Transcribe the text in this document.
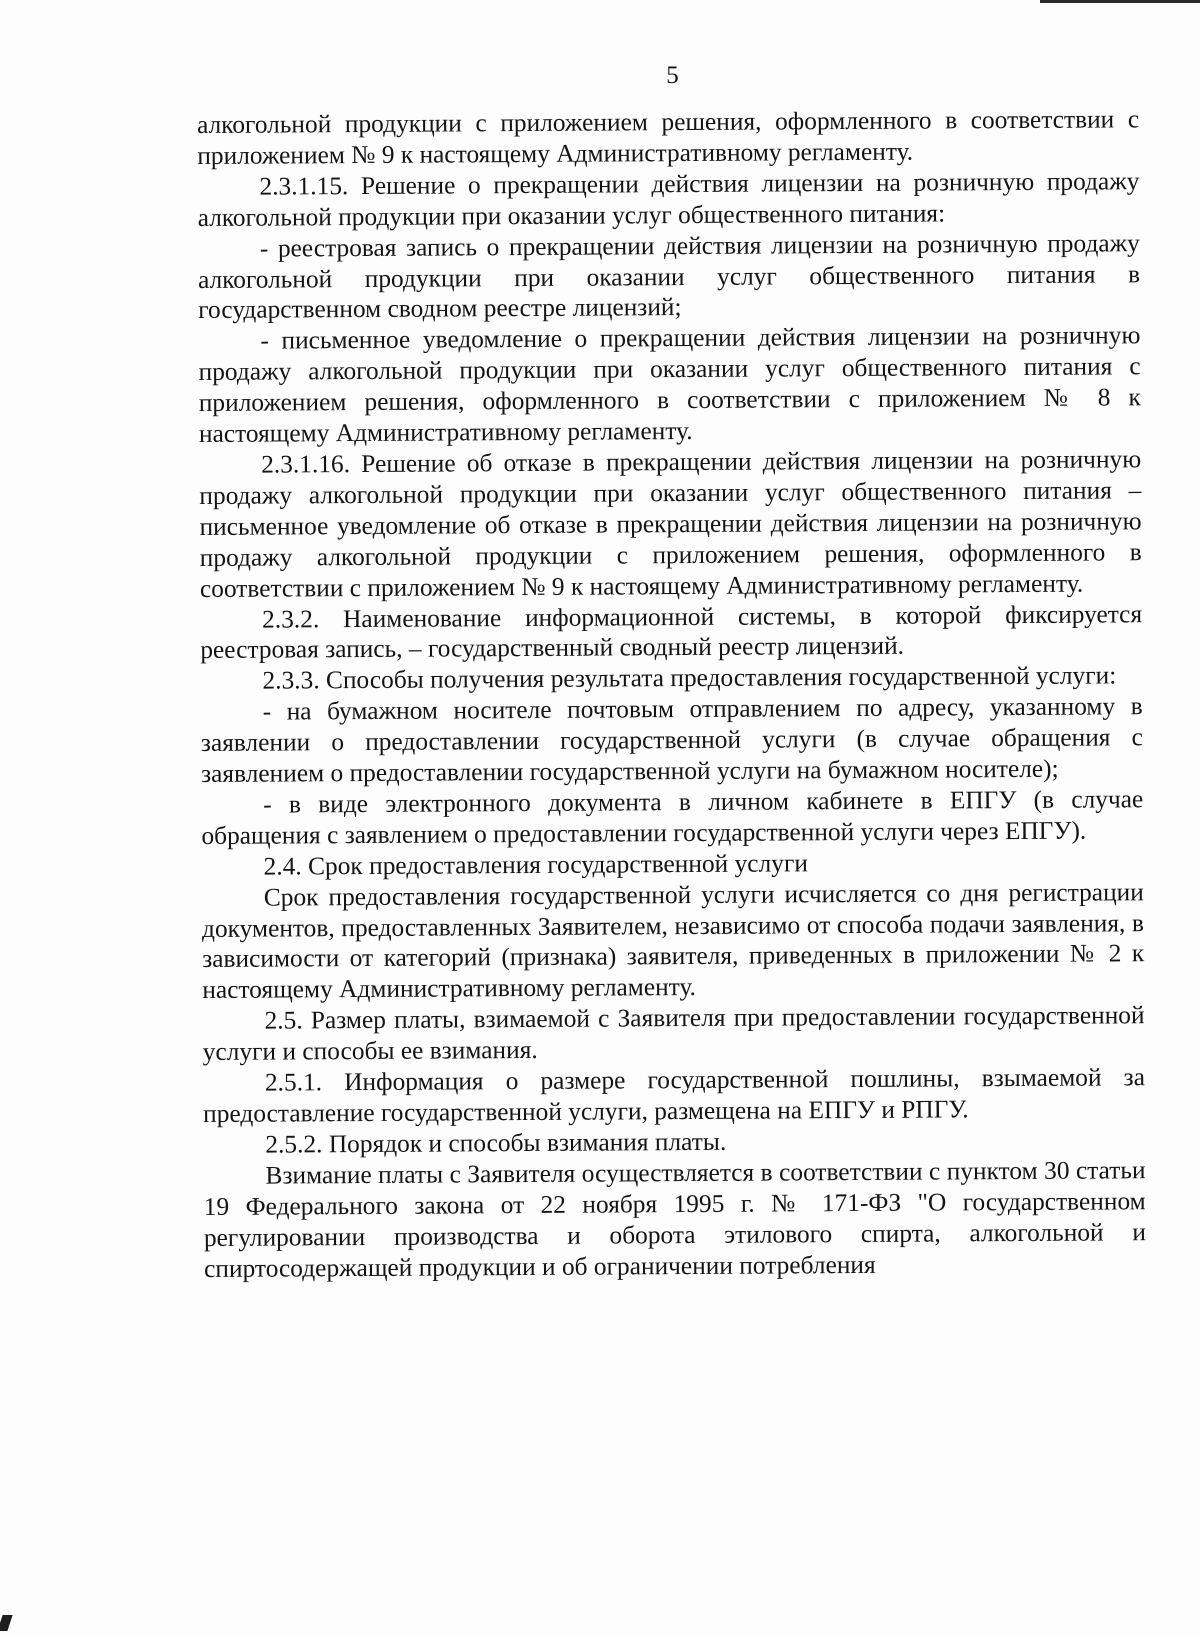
5

алкогольной продукции с приложением решения, оформленного в соответствии с приложением № 9 к настоящему Административному регламенту.

2.3.1.15. Решение о прекращении действия лицензии на розничную продажу алкогольной продукции при оказании услуг общественного питания:

- реестровая запись о прекращении действия лицензии на розничную продажу алкогольной продукции при оказании услуг общественного питания в государственном сводном реестре лицензий;

- письменное уведомление о прекращении действия лицензии на розничную продажу алкогольной продукции при оказании услуг общественного питания с приложением решения, оформленного в соответствии с приложением № 8 к настоящему Административному регламенту.

2.3.1.16. Решение об отказе в прекращении действия лицензии на розничную продажу алкогольной продукции при оказании услуг общественного питания – письменное уведомление об отказе в прекращении действия лицензии на розничную продажу алкогольной продукции с приложением решения, оформленного в соответствии с приложением № 9 к настоящему Административному регламенту.

2.3.2. Наименование информационной системы, в которой фиксируется реестровая запись, – государственный сводный реестр лицензий.

2.3.3. Способы получения результата предоставления государственной услуги:

- на бумажном носителе почтовым отправлением по адресу, указанному в заявлении о предоставлении государственной услуги (в случае обращения с заявлением о предоставлении государственной услуги на бумажном носителе);

- в виде электронного документа в личном кабинете в ЕПГУ (в случае обращения с заявлением о предоставлении государственной услуги через ЕПГУ).

2.4. Срок предоставления государственной услуги

Срок предоставления государственной услуги исчисляется со дня регистрации документов, предоставленных Заявителем, независимо от способа подачи заявления, в зависимости от категорий (признака) заявителя, приведенных в приложении № 2 к настоящему Административному регламенту.

2.5. Размер платы, взимаемой с Заявителя при предоставлении государственной услуги и способы ее взимания.

2.5.1. Информация о размере государственной пошлины, взымаемой за предоставление государственной услуги, размещена на ЕПГУ и РПГУ.

2.5.2. Порядок и способы взимания платы.

Взимание платы с Заявителя осуществляется в соответствии с пунктом 30 статьи 19 Федерального закона от 22 ноября 1995 г. № 171-ФЗ "О государственном регулировании производства и оборота этилового спирта, алкогольной и спиртосодержащей продукции и об ограничении потребления
